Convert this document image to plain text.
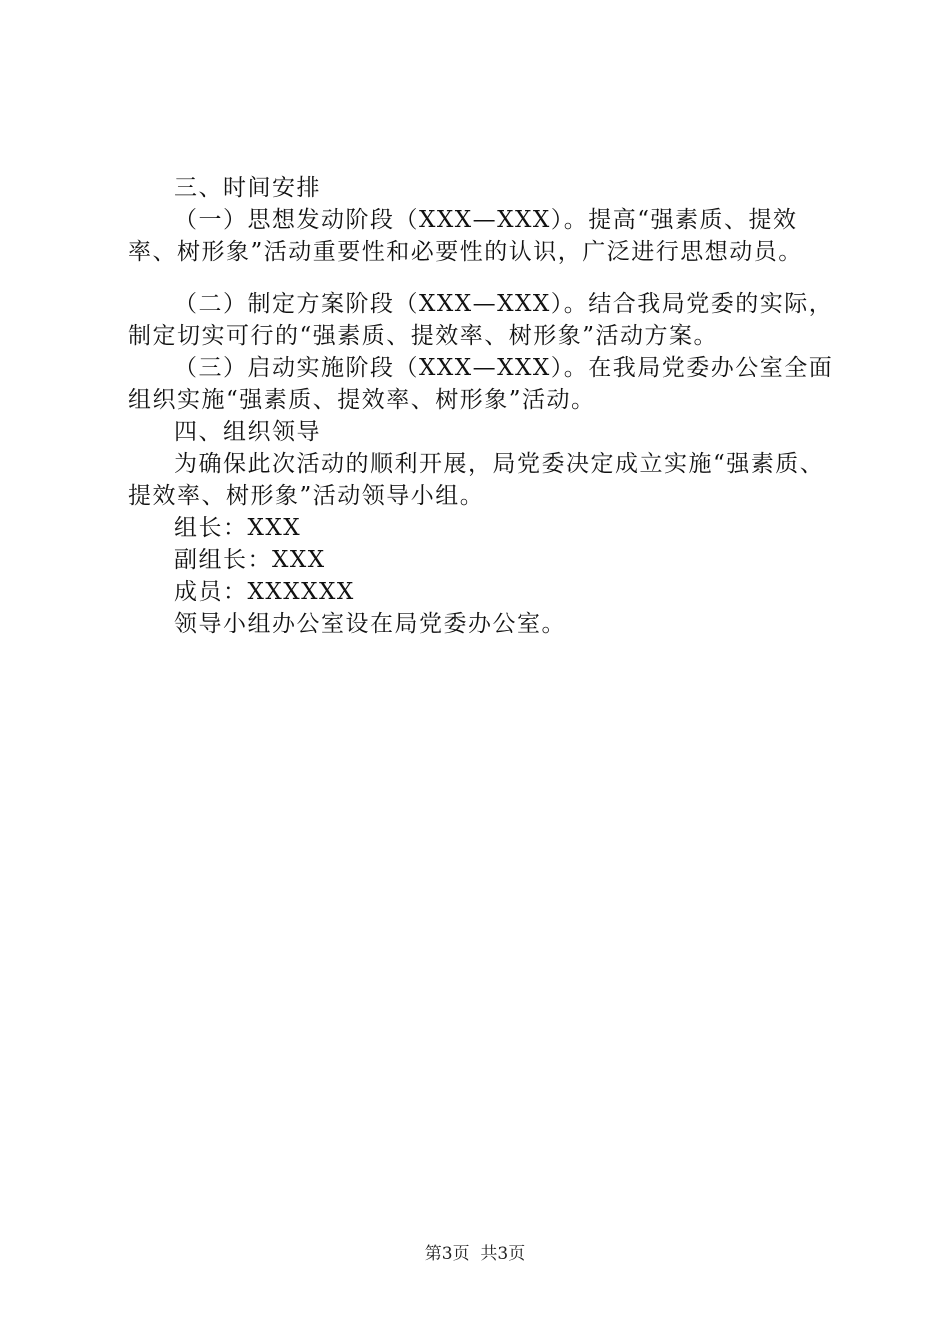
三、时间安排

（一）思想发动阶段（XXX—XXX）。提高“强素质、提效率、树形象”活动重要性和必要性的认识，广泛进行思想动员。

（二）制定方案阶段（XXX—XXX）。结合我局党委的实际，制定切实可行的“强素质、提效率、树形象”活动方案。

（三）启动实施阶段（XXX—XXX）。在我局党委办公室全面组织实施“强素质、提效率、树形象”活动。

四、组织领导

为确保此次活动的顺利开展，局党委决定成立实施“强素质、提效率、树形象”活动领导小组。

组长：XXX

副组长：XXX

成员：XXXXXX

领导小组办公室设在局党委办公室。

第3页  共3页
